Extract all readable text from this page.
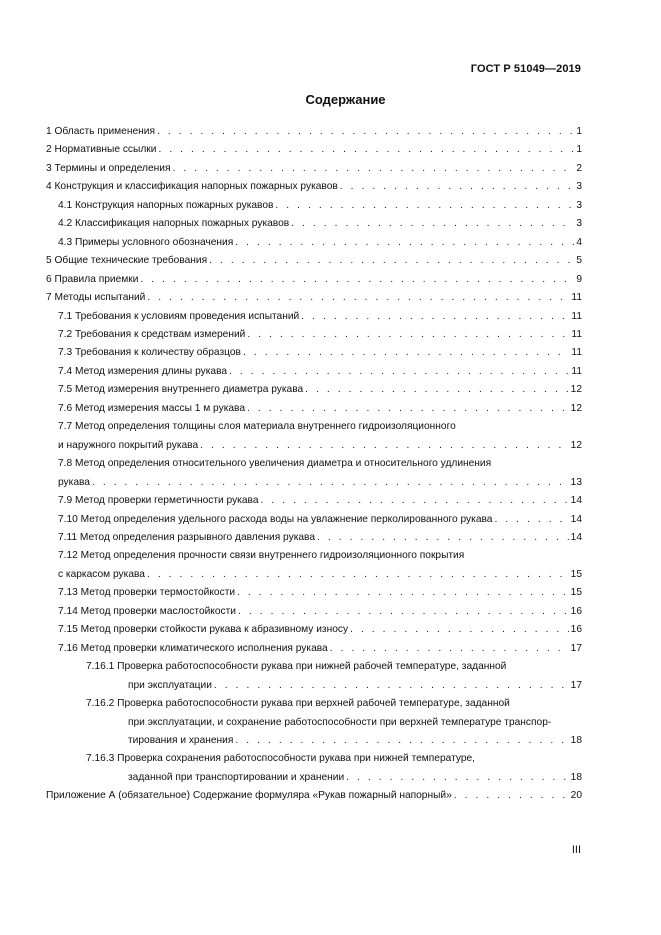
ГОСТ Р 51049—2019
Содержание
1 Область применения . . .	1
2 Нормативные ссылки . . .	1
3 Термины и определения . . .	2
4 Конструкция и классификация напорных пожарных рукавов . . .	3
4.1 Конструкция напорных пожарных рукавов . . .	3
4.2 Классификация напорных пожарных рукавов . . .	3
4.3 Примеры условного обозначения . . .	4
5 Общие технические требования . . .	5
6 Правила приемки . . .	9
7 Методы испытаний . . .	11
7.1 Требования к условиям проведения испытаний . . .	11
7.2 Требования к средствам измерений . . .	11
7.3 Требования к количеству образцов . . .	11
7.4 Метод измерения длины рукава . . .	11
7.5 Метод измерения внутреннего диаметра рукава . . .	12
7.6 Метод измерения массы 1 м рукава . . .	12
7.7 Метод определения толщины слоя материала внутреннего гидроизоляционного
и наружного покрытий рукава . . .	12
7.8 Метод определения относительного увеличения диаметра и относительного удлинения
рукава . . .	13
7.9 Метод проверки герметичности рукава . . .	14
7.10 Метод определения удельного расхода воды на увлажнение перколированного рукава . . .	14
7.11 Метод определения разрывного давления рукава . . .	14
7.12 Метод определения прочности связи внутреннего гидроизоляционного покрытия
с каркасом рукава . . .	15
7.13 Метод проверки термостойкости . . .	15
7.14 Метод проверки маслостойкости . . .	16
7.15 Метод проверки стойкости рукава к абразивному износу . . .	16
7.16 Метод проверки климатического исполнения рукава . . .	17
7.16.1 Проверка работоспособности рукава при нижней рабочей температуре, заданной
при эксплуатации . . .	17
7.16.2 Проверка работоспособности рукава при верхней рабочей температуре, заданной
при эксплуатации, и сохранение работоспособности при верхней температуре транспор-
тирования и хранения . . .	18
7.16.3 Проверка сохранения работоспособности рукава при нижней температуре,
заданной при транспортировании и хранении . . .	18
Приложение А (обязательное) Содержание формуляра «Рукав пожарный напорный» . . .	20
III
